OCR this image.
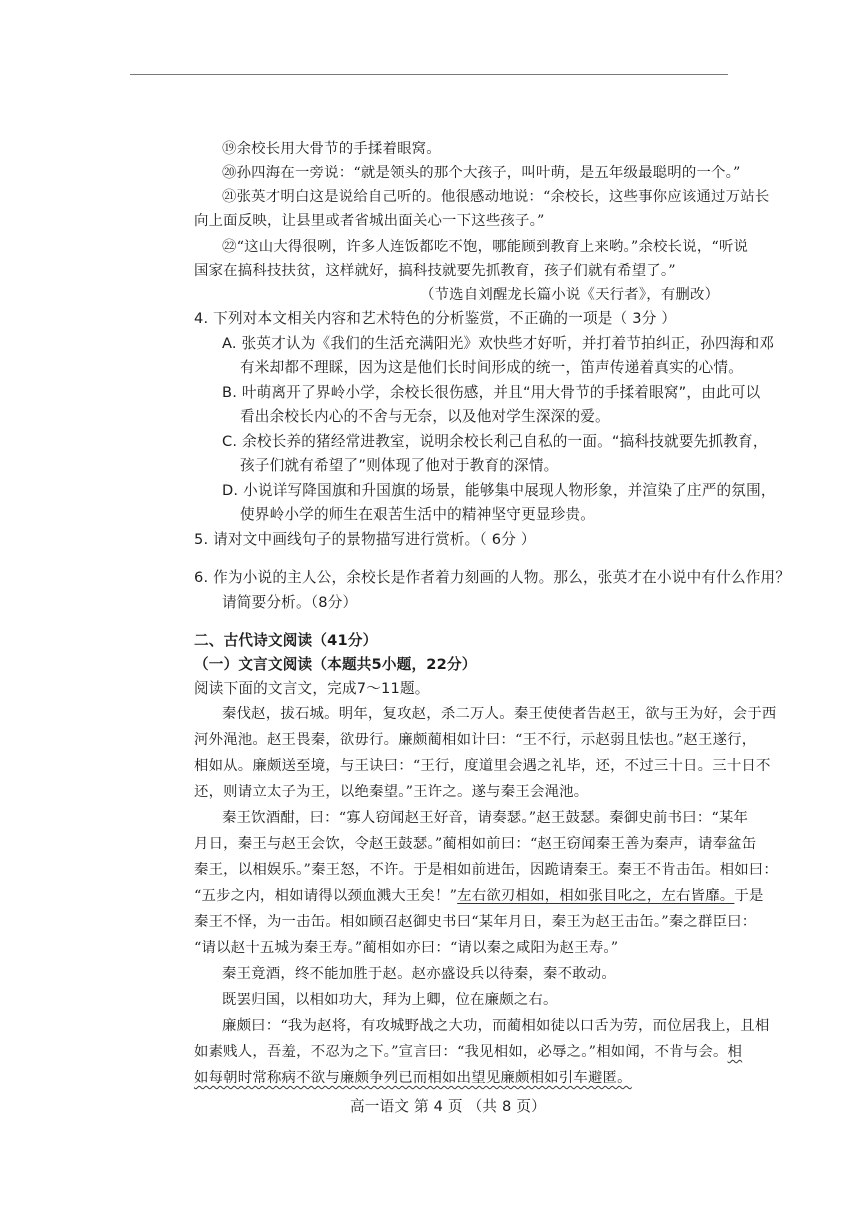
⑲余校长用大骨节的手揉着眼窝。
⑳孙四海在一旁说：“就是领头的那个大孩子，叫叶萌，是五年级最聪明的一个。”
㉑张英才明白这是说给自己听的。他很感动地说：“余校长，这些事你应该通过万站长
向上面反映，让县里或者省城出面关心一下这些孩子。”
㉒“这山大得很咧，许多人连饭都吃不饱，哪能顾到教育上来哟。”余校长说，“听说
国家在搞科技扶贫，这样就好，搞科技就要先抓教育，孩子们就有希望了。”
（节选自刘醒龙长篇小说《天行者》，有删改）
4. 下列对本文相关内容和艺术特色的分析鉴赏，不正确的一项是（ 3分 ）
A. 张英才认为《我们的生活充满阳光》欢快些才好听，并打着节拍纠正，孙四海和邓
有米却都不理睬，因为这是他们长时间形成的统一，笛声传递着真实的心情。
B. 叶萌离开了界岭小学，余校长很伤感，并且“用大骨节的手揉着眼窝”，由此可以
看出余校长内心的不舍与无奈，以及他对学生深深的爱。
C. 余校长养的猪经常进教室，说明余校长利己自私的一面。“搞科技就要先抓教育，
孩子们就有希望了”则体现了他对于教育的深情。
D. 小说详写降国旗和升国旗的场景，能够集中展现人物形象，并渲染了庄严的氛围，
使界岭小学的师生在艰苦生活中的精神坚守更显珍贵。
5. 请对文中画线句子的景物描写进行赏析。（ 6分 ）
6. 作为小说的主人公，余校长是作者着力刻画的人物。那么，张英才在小说中有什么作用？
请简要分析。（8分）
二、古代诗文阅读（41分）
（一）文言文阅读（本题共5小题，22分）
阅读下面的文言文，完成7～11题。
秦伐赵，拔石城。明年，复攻赵，杀二万人。秦王使使者告赵王，欲与王为好，会于西
河外渑池。赵王畏秦，欲毋行。廉颇蔺相如计曰：“王不行，示赵弱且怯也。”赵王遂行，
相如从。廉颇送至境，与王诀曰：“王行，度道里会遇之礼毕，还，不过三十日。三十日不
还，则请立太子为王，以绝秦望。”王许之。遂与秦王会渑池。
秦王饮酒酣，曰：“寡人窃闻赵王好音，请奏瑟。”赵王鼓瑟。秦御史前书曰：“某年
月日，秦王与赵王会饮，令赵王鼓瑟。”蔺相如前曰：“赵王窃闻秦王善为秦声，请奉盆缶
秦王，以相娱乐。”秦王怒，不许。于是相如前进缶，因跪请秦王。秦王不肯击缶。相如曰：
“五步之内，相如请得以颈血溅大王矣！”左右欲刃相如，相如张目叱之，左右皆靡。于是
秦王不怿，为一击缶。相如顾召赵御史书曰“某年月日，秦王为赵王击缶。”秦之群臣曰：
“请以赵十五城为秦王寿。”蔺相如亦曰：“请以秦之咸阳为赵王寿。”
秦王竟酒，终不能加胜于赵。赵亦盛设兵以待秦，秦不敢动。
既罢归国，以相如功大，拜为上卿，位在廉颇之右。
廉颇曰：“我为赵将，有攻城野战之大功，而蔺相如徒以口舌为劳，而位居我上，且相
如素贱人，吾羞，不忍为之下。”宣言曰：“我见相如，必辱之。”相如闻，不肯与会。相
如每朝时常称病不欲与廉颇争列已而相如出望见廉颇相如引车避匿。
高一语文 第 4 页 （共 8 页）
